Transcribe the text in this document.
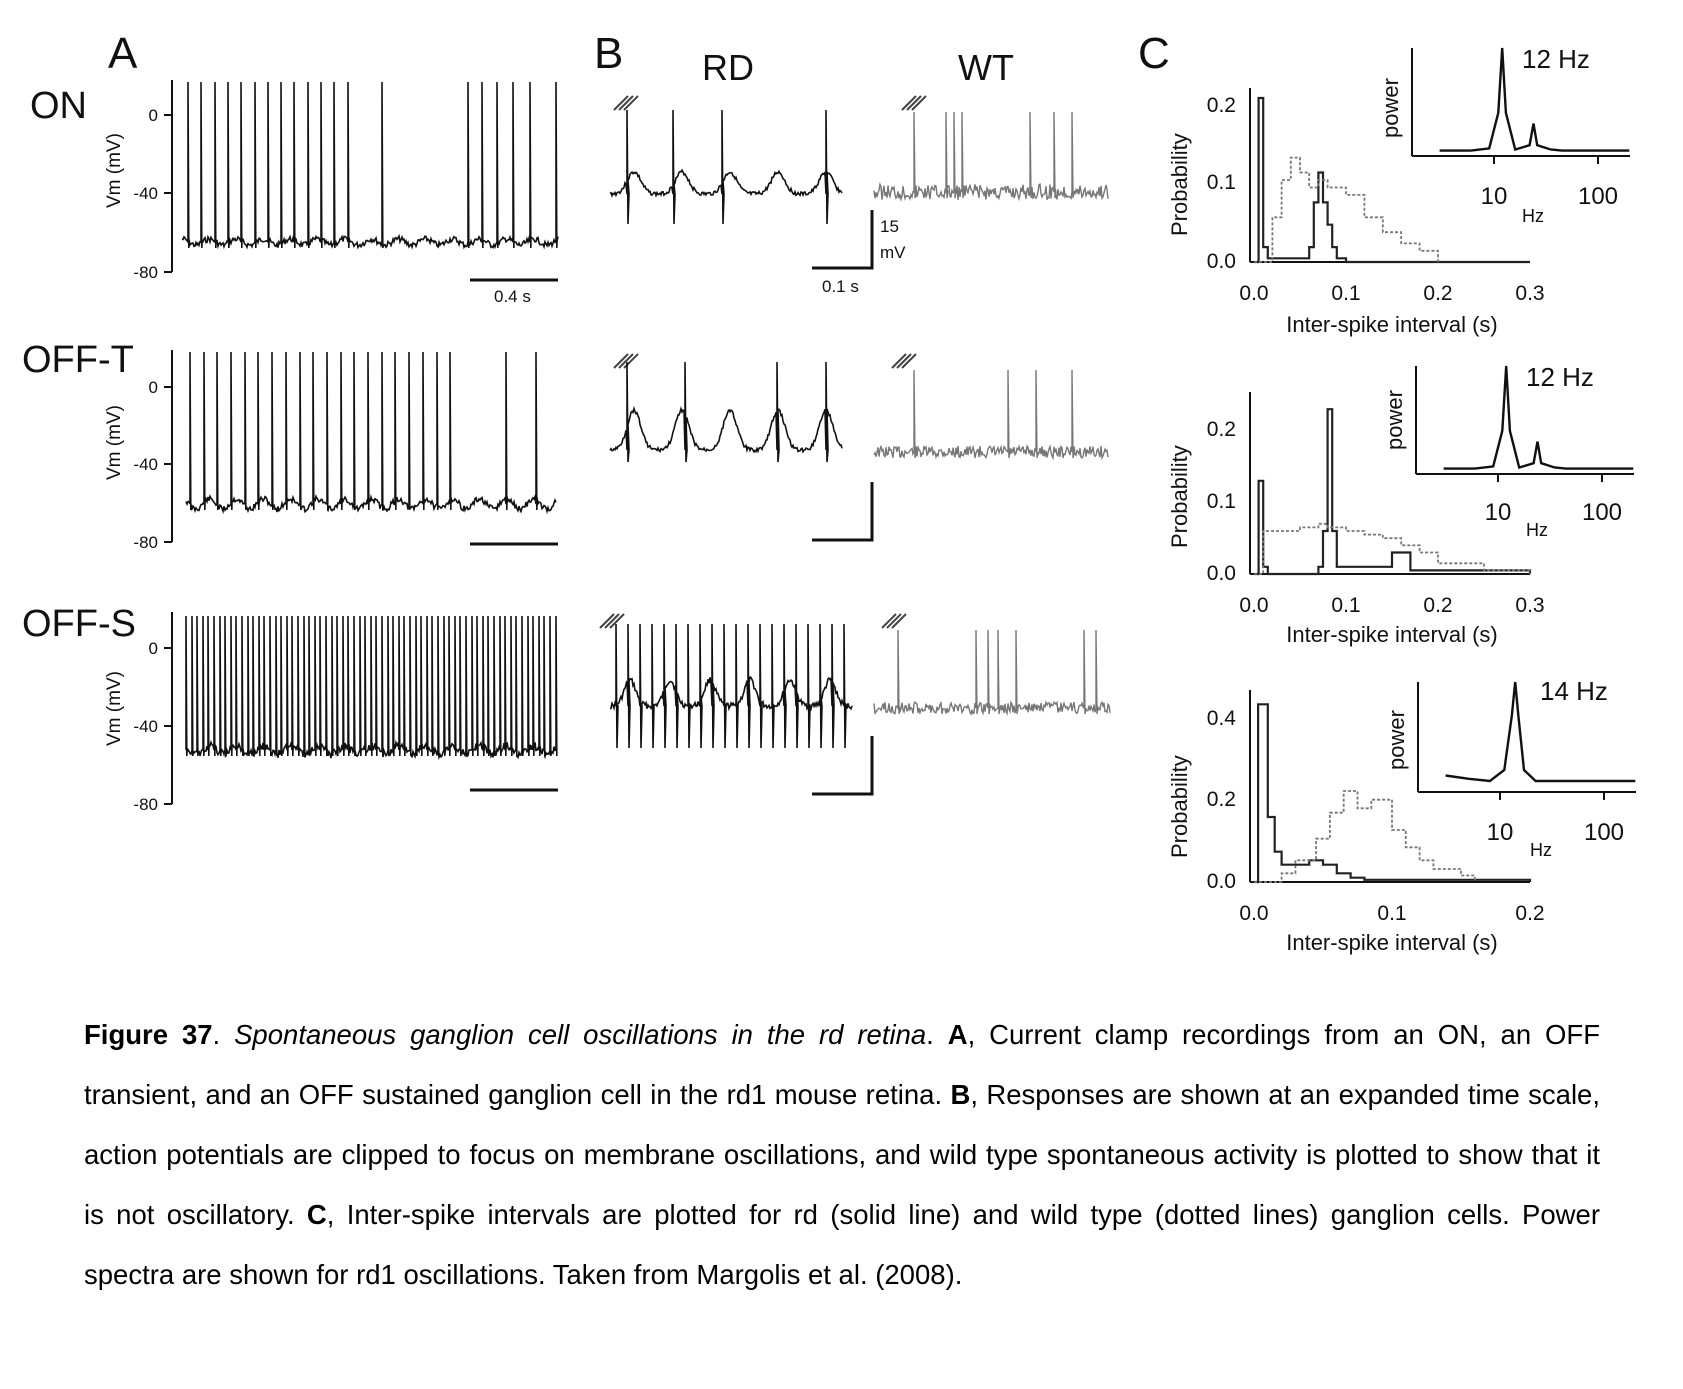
A
ON
OFF-T
OFF-S
0
-40
-80
Vm (mV)
0
-40
-80
Vm (mV)
0
-40
-80
Vm (mV)
0.4 s
B RD	WT
15
mV
0.1 s
C
0.2
0.1
0.0
0.0	0.1	0.2	0.3
Inter-spike interval (s)
Probability
12 Hz
power
10	100
Hz
0.2
0.1
0.0
0.0	0.1	0.2	0.3
Inter-spike interval (s)
Probability
12 Hz
power
10	100
Hz
0.4
0.2
0.0
0.0	0.1	0.2
Inter-spike interval (s)
Probability
14 Hz
power
10	100
Hz

Figure 37. Spontaneous ganglion cell oscillations in the rd retina. A, Current clamp recordings from an ON, an OFF transient, and an OFF sustained ganglion cell in the rd1 mouse retina. B, Responses are shown at an expanded time scale, action potentials are clipped to focus on membrane oscillations, and wild type spontaneous activity is plotted to show that it is not oscillatory. C, Inter-spike intervals are plotted for rd (solid line) and wild type (dotted lines) ganglion cells. Power spectra are shown for rd1 oscillations. Taken from Margolis et al. (2008).
